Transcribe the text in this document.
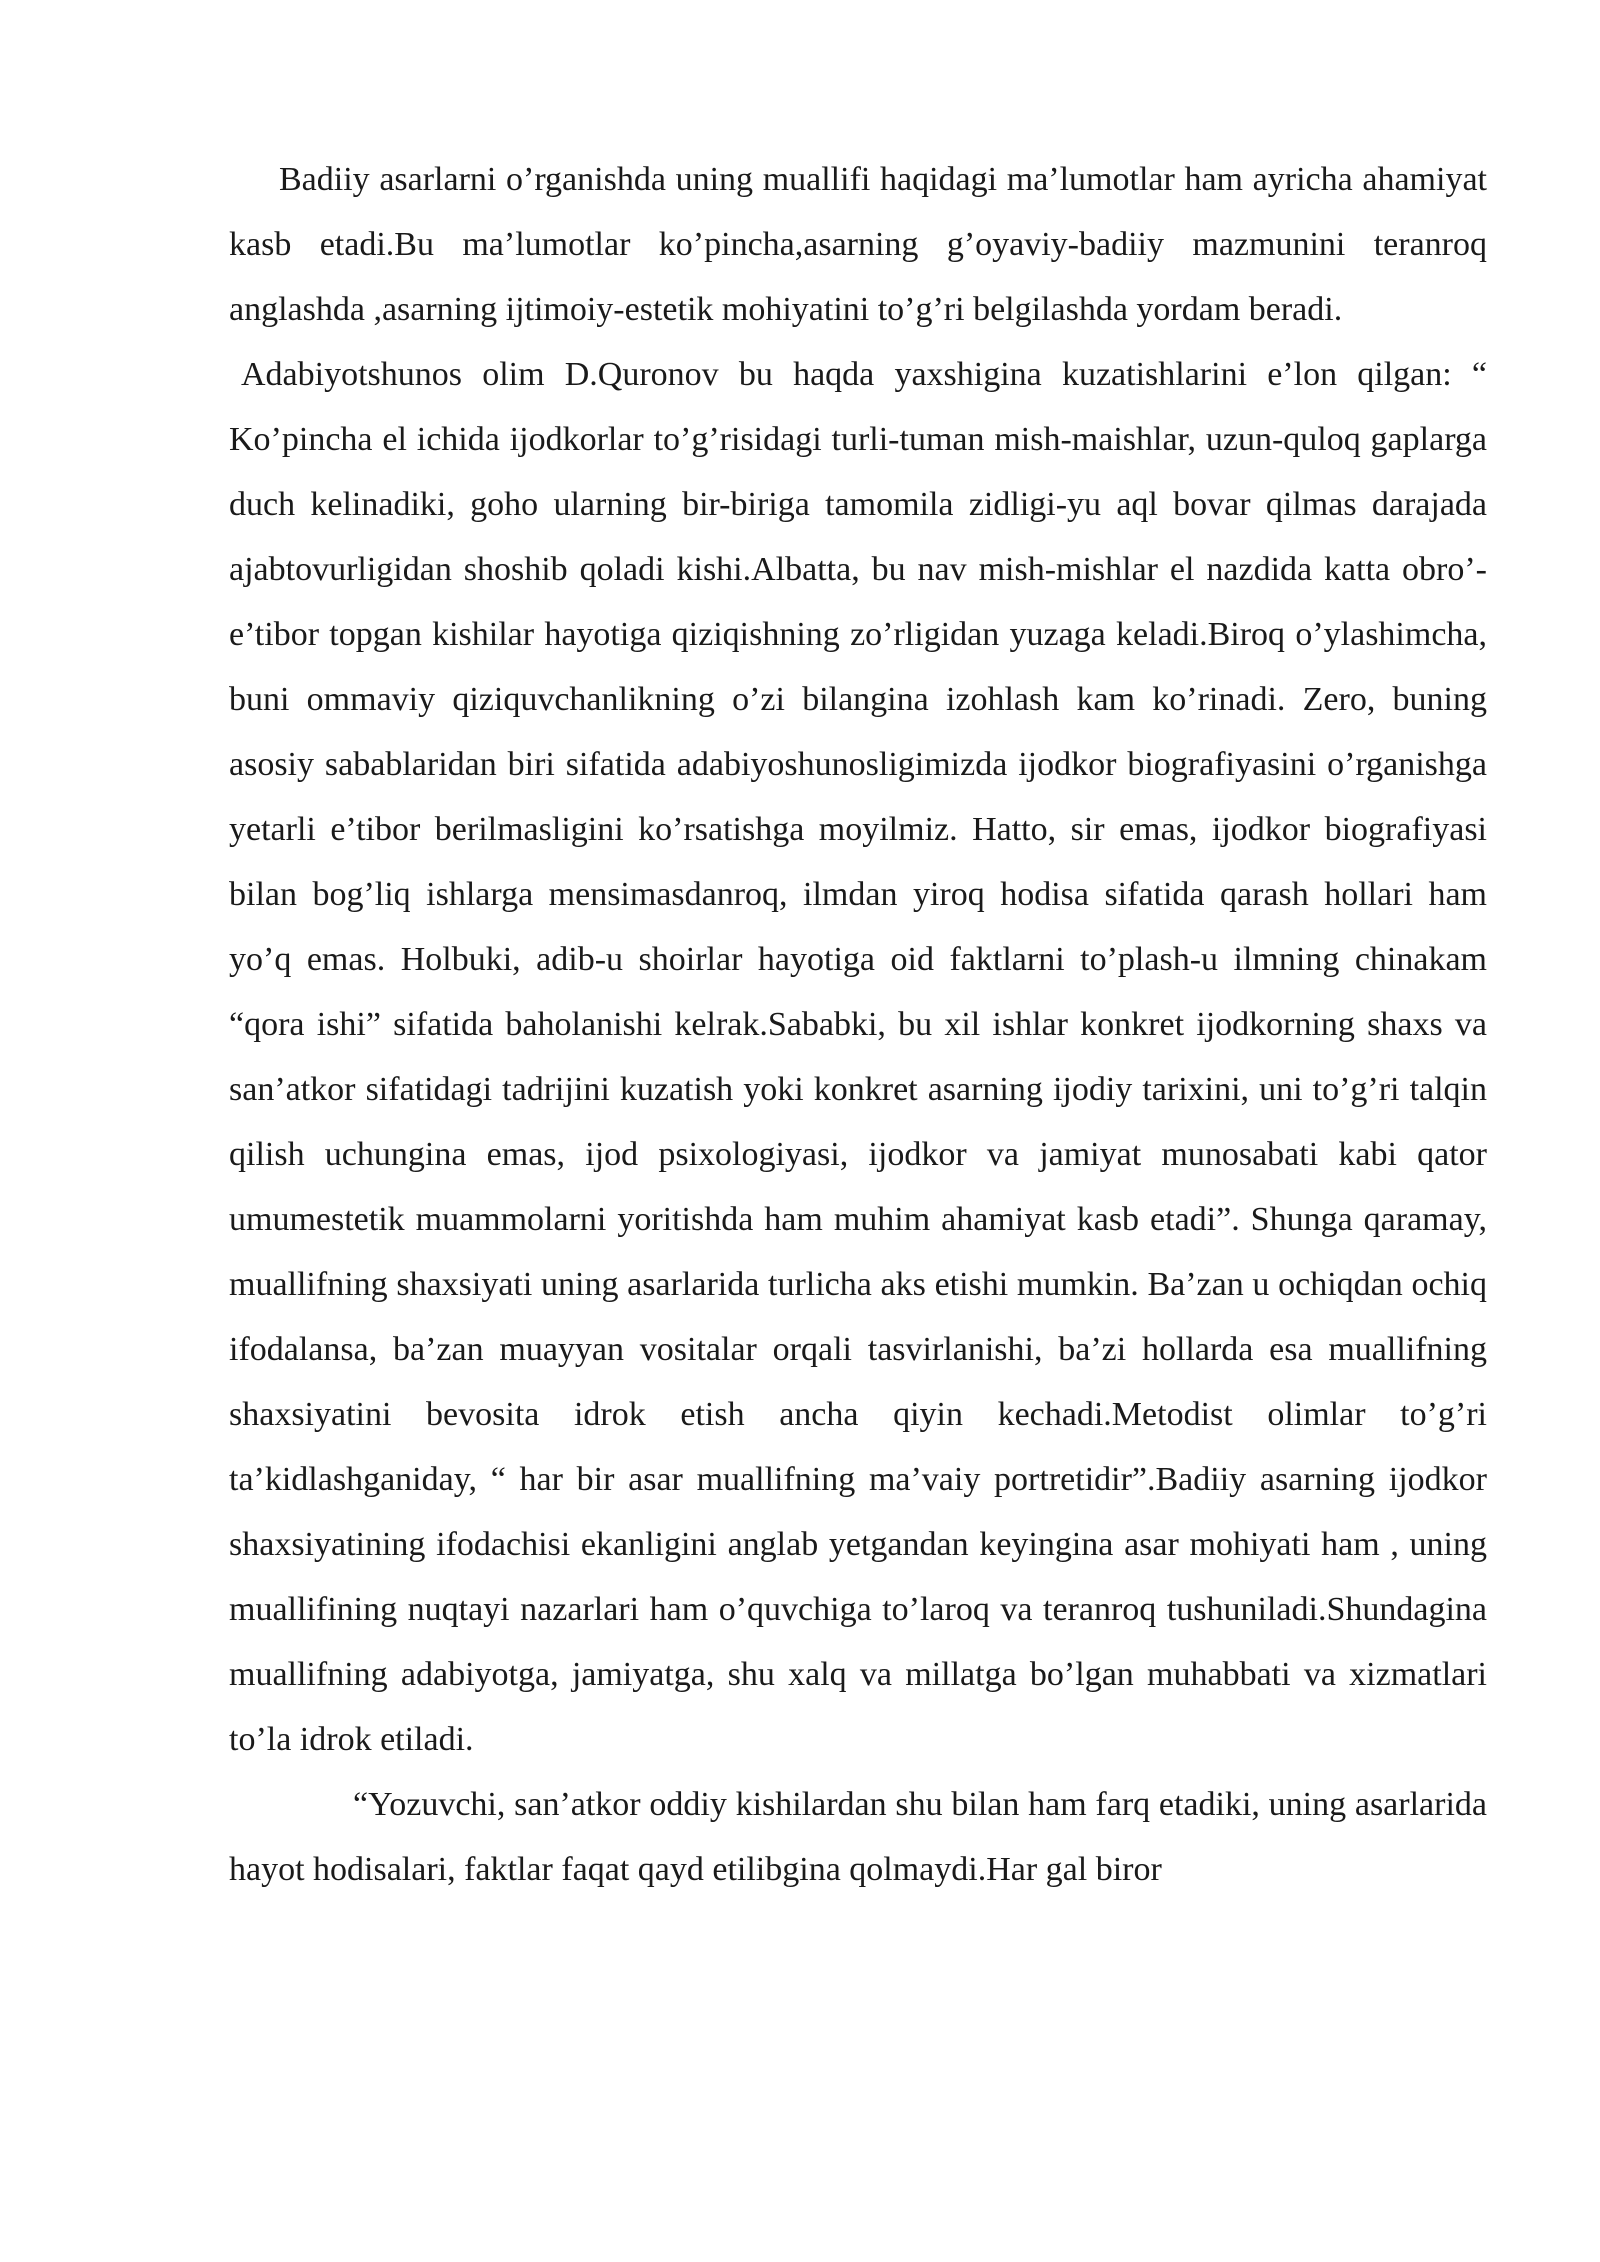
Badiiy asarlarni o’rganishda uning muallifi haqidagi ma’lumotlar ham ayricha ahamiyat kasb etadi.Bu ma’lumotlar ko’pincha,asarning g’oyaviy-badiiy mazmunini teranroq anglashda ,asarning ijtimoiy-estetik mohiyatini to’g’ri belgilashda yordam beradi.

Adabiyotshunos olim D.Quronov bu haqda yaxshigina kuzatishlarini e’lon qilgan: “ Ko’pincha el ichida ijodkorlar to’g’risidagi turli-tuman mish-maishlar, uzun-quloq gaplarga duch kelinadiki, goho ularning bir-biriga tamomila zidligi-yu aql bovar qilmas darajada ajabtovurligidan shoshib qoladi kishi.Albatta, bu nav mish-mishlar el nazdida katta obro’-e’tibor topgan kishilar hayotiga qiziqishning zo’rligidan yuzaga keladi.Biroq o’ylashimcha, buni ommaviy qiziquvchanlikning o’zi bilangina izohlash kam ko’rinadi. Zero, buning asosiy sabablaridan biri sifatida adabiyoshunosligimizda ijodkor biografiyasini o’rganishga yetarli e’tibor berilmasligini ko’rsatishga moyilmiz. Hatto, sir emas, ijodkor biografiyasi bilan bog’liq ishlarga mensimasdanroq, ilmdan yiroq hodisa sifatida qarash hollari ham yo’q emas. Holbuki, adib-u shoirlar hayotiga oid faktlarni to’plash-u ilmning chinakam “qora ishi” sifatida baholanishi kelrak.Sababki, bu xil ishlar konkret ijodkorning shaxs va san’atkor sifatidagi tadrijini kuzatish yoki konkret asarning ijodiy tarixini, uni to’g’ri talqin qilish uchungina emas, ijod psixologiyasi, ijodkor va jamiyat munosabati kabi qator umumestetik muammolarni yoritishda ham muhim ahamiyat kasb etadi”. Shunga qaramay, muallifning shaxsiyati uning asarlarida turlicha aks etishi mumkin. Ba’zan u ochiqdan ochiq ifodalansa, ba’zan muayyan vositalar orqali tasvirlanishi, ba’zi hollarda esa muallifning shaxsiyatini bevosita idrok etish ancha qiyin kechadi.Metodist olimlar to’g’ri ta’kidlashganiday, “ har bir asar muallifning ma’vaiy portretidir”.Badiiy asarning ijodkor shaxsiyatining ifodachisi ekanligini anglab yetgandan keyingina asar mohiyati ham , uning muallifining nuqtayi nazarlari ham o’quvchiga to’laroq va teranroq tushuniladi.Shundagina muallifning adabiyotga, jamiyatga, shu xalq va millatga bo’lgan muhabbati va xizmatlari to’la idrok etiladi.

“Yozuvchi, san’atkor oddiy kishilardan shu bilan ham farq etadiki, uning asarlarida hayot hodisalari, faktlar faqat qayd etilibgina qolmaydi.Har gal biror
